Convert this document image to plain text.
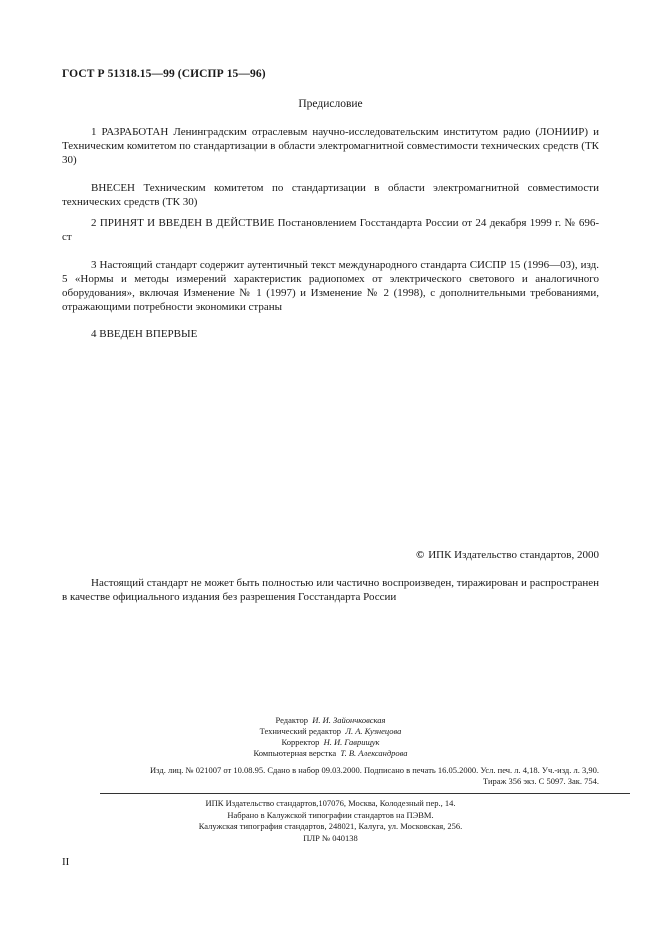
ГОСТ Р 51318.15—99 (СИСПР 15—96)
Предисловие
1 РАЗРАБОТАН Ленинградским отраслевым научно-исследовательским институтом радио (ЛОНИИР) и Техническим комитетом по стандартизации в области электромагнитной совместимости технических средств (ТК 30)
ВНЕСЕН Техническим комитетом по стандартизации в области электромагнитной совместимости технических средств (ТК 30)
2 ПРИНЯТ И ВВЕДЕН В ДЕЙСТВИЕ Постановлением Госстандарта России от 24 декабря 1999 г. № 696-ст
3 Настоящий стандарт содержит аутентичный текст международного стандарта СИСПР 15 (1996—03), изд. 5 «Нормы и методы измерений характеристик радиопомех от электрического светового и аналогичного оборудования», включая Изменение № 1 (1997) и Изменение № 2 (1998), с дополнительными требованиями, отражающими потребности экономики страны
4 ВВЕДЕН ВПЕРВЫЕ
© ИПК Издательство стандартов, 2000
Настоящий стандарт не может быть полностью или частично воспроизведен, тиражирован и распространен в качестве официального издания без разрешения Госстандарта России
Редактор И. И. Зайончковская
Технический редактор Л. А. Кузнецова
Корректор Н. И. Гаврищук
Компьютерная верстка Т. В. Александрова
Изд. лиц. № 021007 от 10.08.95. Сдано в набор 09.03.2000. Подписано в печать 16.05.2000. Усл. печ. л. 4,18. Уч.-изд. л. 3,90.
Тираж 356 экз. С 5097. Зак. 754.
ИПК Издательство стандартов,107076, Москва, Колодезный пер., 14.
Набрано в Калужской типографии стандартов на ПЭВМ.
Калужская типография стандартов, 248021, Калуга, ул. Московская, 256.
ПЛР № 040138
II
